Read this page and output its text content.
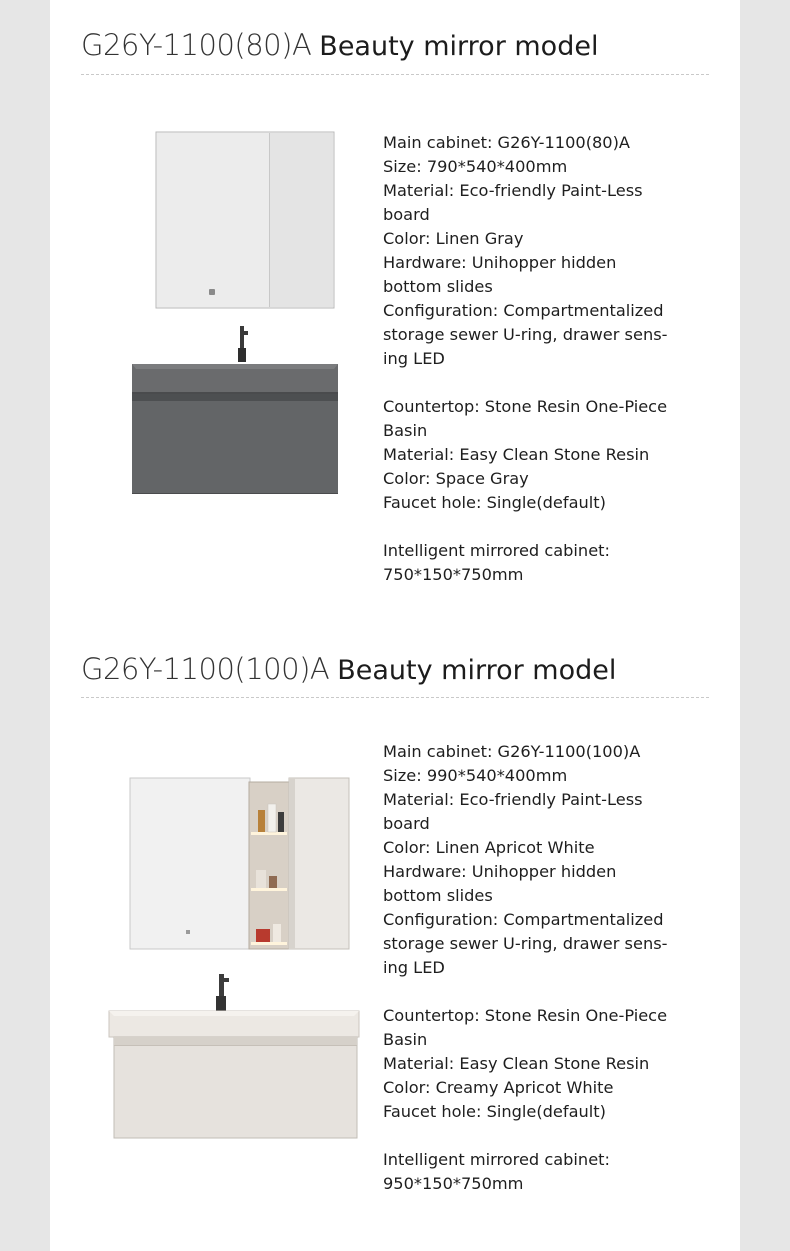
G26Y-1100(80)A Beauty mirror model
Main cabinet: G26Y-1100(80)A
Size: 790*540*400mm
Material: Eco-friendly Paint-Less
board
Color: Linen Gray
Hardware: Unihopper hidden
bottom slides
Configuration: Compartmentalized
storage sewer U-ring, drawer sens-
ing LED
Countertop: Stone Resin One-Piece
Basin
Material: Easy Clean Stone Resin
Color: Space Gray
Faucet hole: Single(default)
Intelligent mirrored cabinet:
750*150*750mm
G26Y-1100(100)A Beauty mirror model
Main cabinet: G26Y-1100(100)A
Size: 990*540*400mm
Material: Eco-friendly Paint-Less
board
Color: Linen Apricot White
Hardware: Unihopper hidden
bottom slides
Configuration: Compartmentalized
storage sewer U-ring, drawer sens-
ing LED
Countertop: Stone Resin One-Piece
Basin
Material: Easy Clean Stone Resin
Color: Creamy Apricot White
Faucet hole: Single(default)
Intelligent mirrored cabinet:
950*150*750mm
